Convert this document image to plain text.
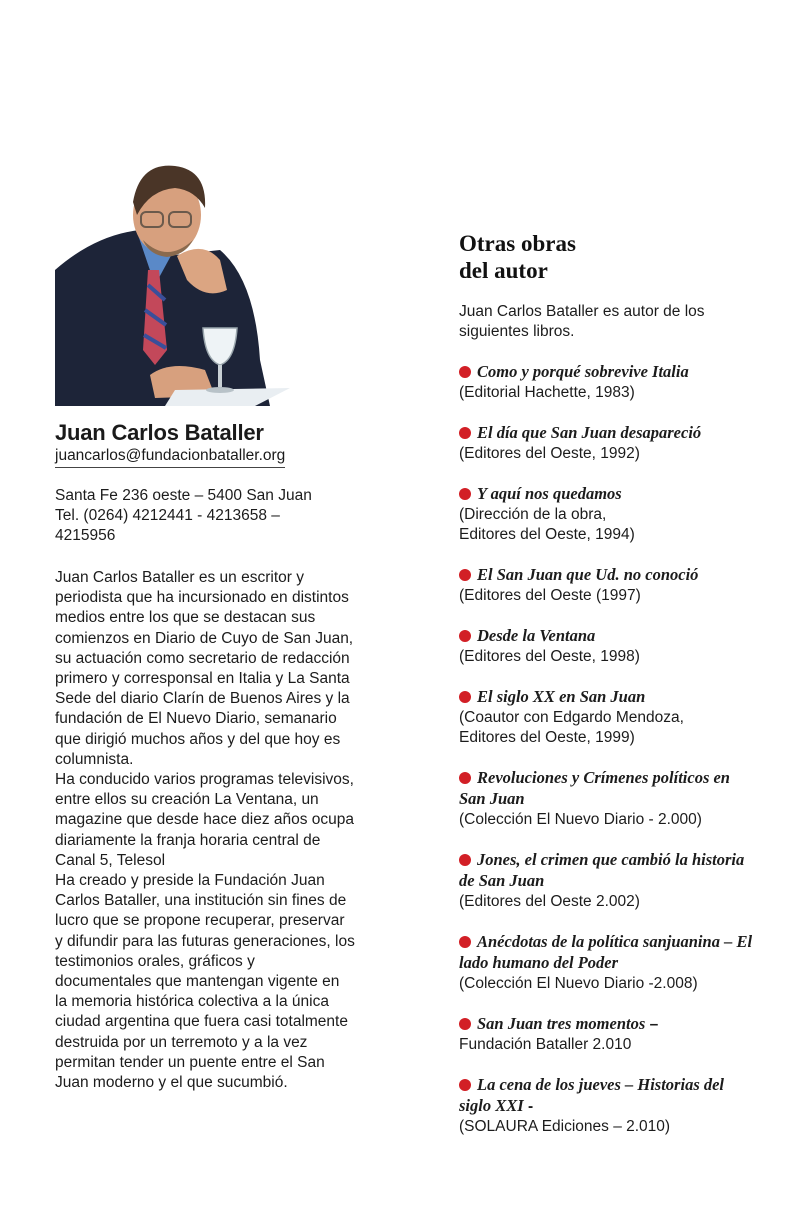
Juan Carlos Bataller
juancarlos@fundacionbataller.org
Santa Fe 236 oeste – 5400 San Juan
Tel. (0264) 4212441 - 4213658 –
4215956

Juan Carlos Bataller es un escritor y periodista que ha incursionado en distintos medios entre los que se destacan sus comienzos en Diario de Cuyo de San Juan, su actuación como secretario de redacción primero y corresponsal en Italia y La Santa Sede del diario Clarín de Buenos Aires y la fundación de El Nuevo Diario, semanario que dirigió muchos años y del que hoy es columnista.

Ha conducido varios programas televisivos, entre ellos su creación La Ventana, un magazine que desde hace diez años ocupa diariamente la franja horaria central de Canal 5, Telesol

Ha creado y preside la Fundación Juan Carlos Bataller, una institución sin fines de lucro que se propone recuperar, preservar y difundir para las futuras generaciones, los testimonios orales, gráficos y documentales que mantengan vigente en la memoria histórica colectiva a la única ciudad argentina que fuera casi totalmente destruida por un terremoto y a la vez permitan tender un puente entre el San Juan moderno y el que sucumbió.

Otras obras
del autor
Juan Carlos Bataller es autor de los siguientes libros.
Como y porqué sobrevive Italia
(Editorial Hachette, 1983)
El día que San Juan desapareció
(Editores del Oeste, 1992)
Y aquí nos quedamos
(Dirección de la obra,
Editores del Oeste, 1994)
El San Juan que Ud. no conoció
(Editores del Oeste (1997)
Desde la Ventana
(Editores del Oeste, 1998)
El siglo XX en San Juan
(Coautor con Edgardo Mendoza,
Editores del Oeste, 1999)
Revoluciones y Crímenes políticos en San Juan
(Colección El Nuevo Diario - 2.000)
Jones, el crimen que cambió la historia de San Juan
(Editores del Oeste 2.002)
Anécdotas de la política sanjuanina – El lado humano del Poder
(Colección El Nuevo Diario -2.008)
San Juan tres momentos –
Fundación Bataller 2.010
La cena de los jueves – Historias del siglo XXI -
(SOLAURA Ediciones – 2.010)
